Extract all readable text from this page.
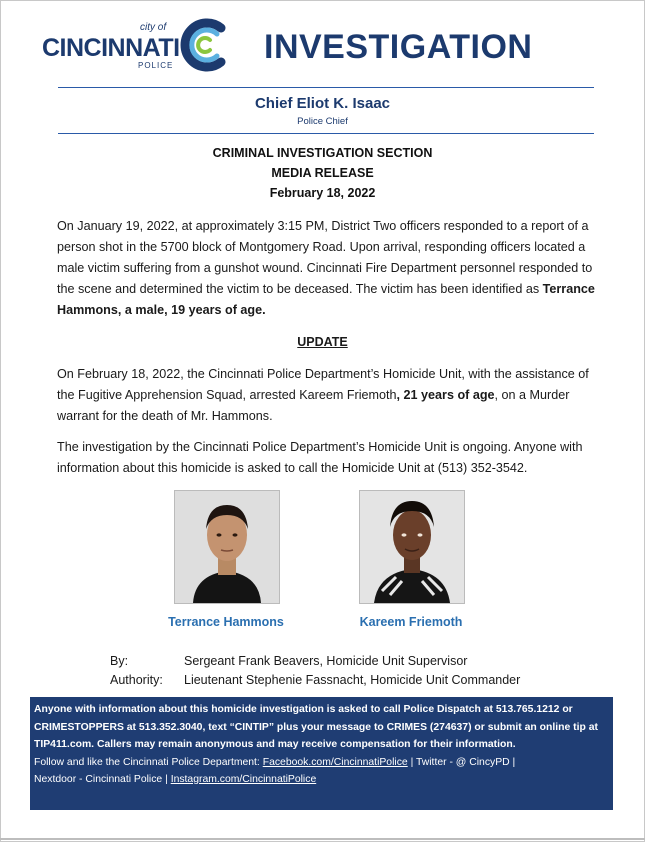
city of
CINCINNATI
POLICE	INVESTIGATION
Chief Eliot K. Isaac
Police Chief
CRIMINAL INVESTIGATION SECTION
MEDIA RELEASE
February 18, 2022

On January 19, 2022, at approximately 3:15 PM, District Two officers responded to a report of a person shot in the 5700 block of Montgomery Road. Upon arrival, responding officers located a male victim suffering from a gunshot wound. Cincinnati Fire Department personnel responded to the scene and determined the victim to be deceased. The victim has been identified as Terrance Hammons, a male, 19 years of age.

UPDATE

On February 18, 2022, the Cincinnati Police Department’s Homicide Unit, with the assistance of the Fugitive Apprehension Squad, arrested Kareem Friemoth, 21 years of age, on a Murder warrant for the death of Mr. Hammons.

The investigation by the Cincinnati Police Department’s Homicide Unit is ongoing. Anyone with information about this homicide is asked to call the Homicide Unit at (513) 352-3542.

Terrance Hammons	Kareem Friemoth
By:	Sergeant Frank Beavers, Homicide Unit Supervisor
Authority:	Lieutenant Stephenie Fassnacht, Homicide Unit Commander
Anyone with information about this homicide investigation is asked to call Police Dispatch at 513.765.1212 or CRIMESTOPPERS at 513.352.3040, text “CINTIP” plus your message to CRIMES (274637) or submit an online tip at TIP411.com. Callers may remain anonymous and may receive compensation for their information.
Follow and like the Cincinnati Police Department: Facebook.com/CincinnatiPolice | Twitter - @ CincyPD |
Nextdoor - Cincinnati Police | Instagram.com/CincinnatiPolice
